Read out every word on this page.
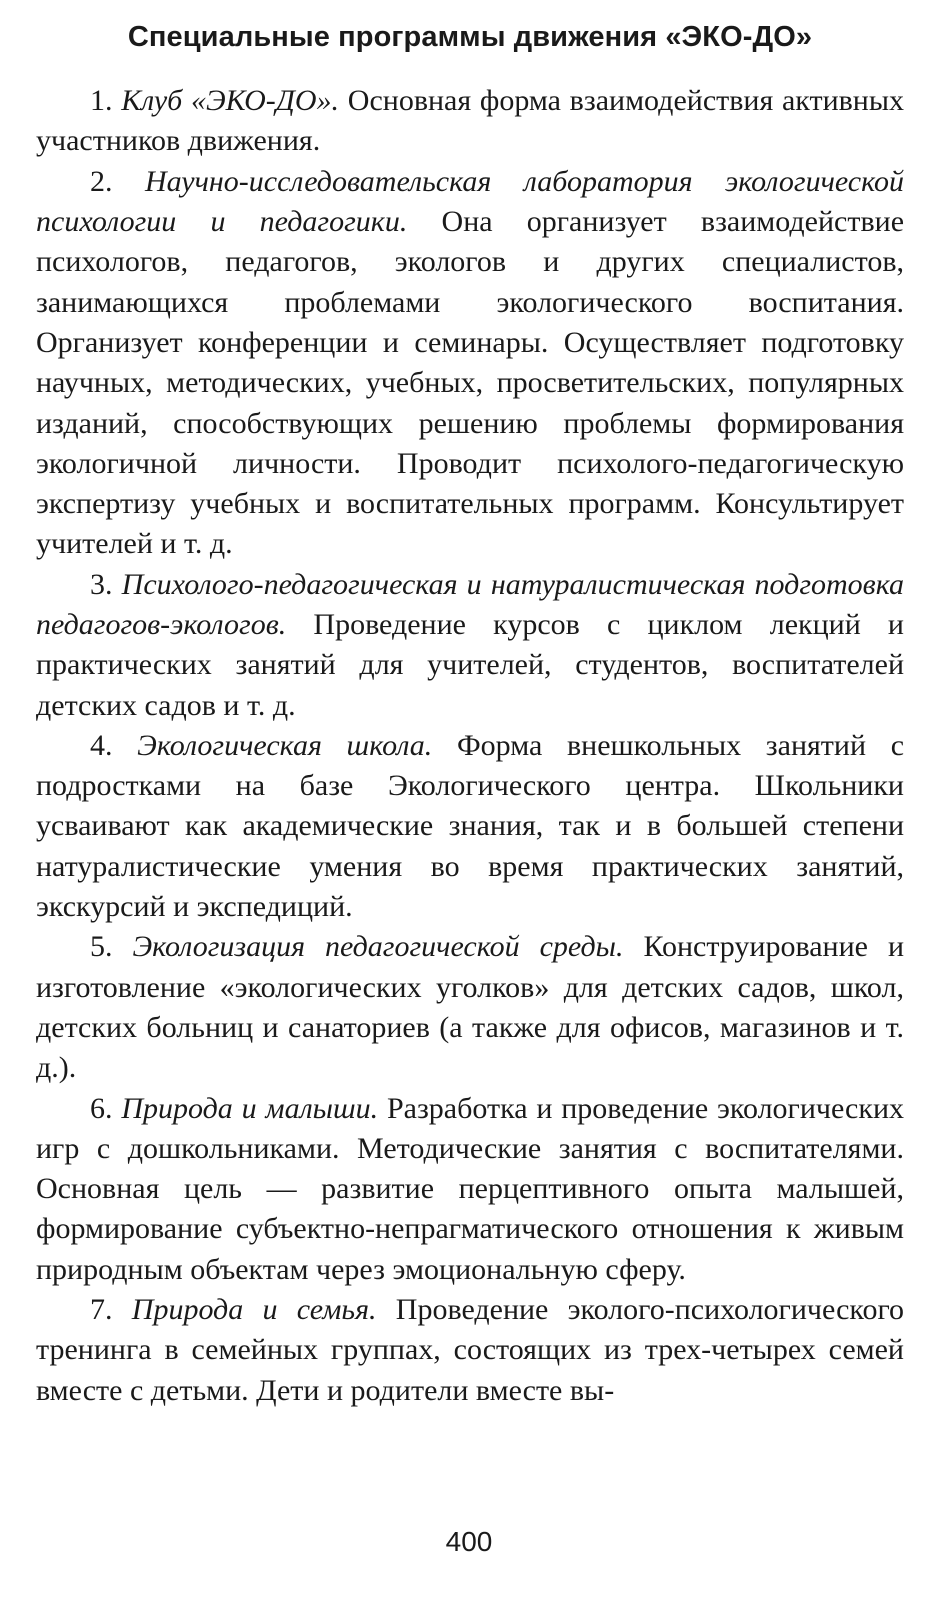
Специальные программы движения «ЭКО-ДО»

1. Клуб «ЭКО-ДО». Основная форма взаимодействия активных участников движения.

2. Научно-исследовательская лаборатория экологической психологии и педагогики. Она организует взаимодействие психологов, педагогов, экологов и других специалистов, занимающихся проблемами экологического воспитания. Организует конференции и семинары. Осуществляет подготовку научных, методических, учебных, просветительских, популярных изданий, способствующих решению проблемы формирования экологичной личности. Проводит психолого-педагогическую экспертизу учебных и воспитательных программ. Консультирует учителей и т. д.

3. Психолого-педагогическая и натуралистическая подготовка педагогов-экологов. Проведение курсов с циклом лекций и практических занятий для учителей, студентов, воспитателей детских садов и т. д.

4. Экологическая школа. Форма внешкольных занятий с подростками на базе Экологического центра. Школьники усваивают как академические знания, так и в большей степени натуралистические умения во время практических занятий, экскурсий и экспедиций.

5. Экологизация педагогической среды. Конструирование и изготовление «экологических уголков» для детских садов, школ, детских больниц и санаториев (а также для офисов, магазинов и т. д.).

6. Природа и малыши. Разработка и проведение экологических игр с дошкольниками. Методические занятия с воспитателями. Основная цель — развитие перцептивного опыта малышей, формирование субъектно-непрагматического отношения к живым природным объектам через эмоциональную сферу.

7. Природа и семья. Проведение эколого-психологического тренинга в семейных группах, состоящих из трех-четырех семей вместе с детьми. Дети и родители вместе вы-

400
